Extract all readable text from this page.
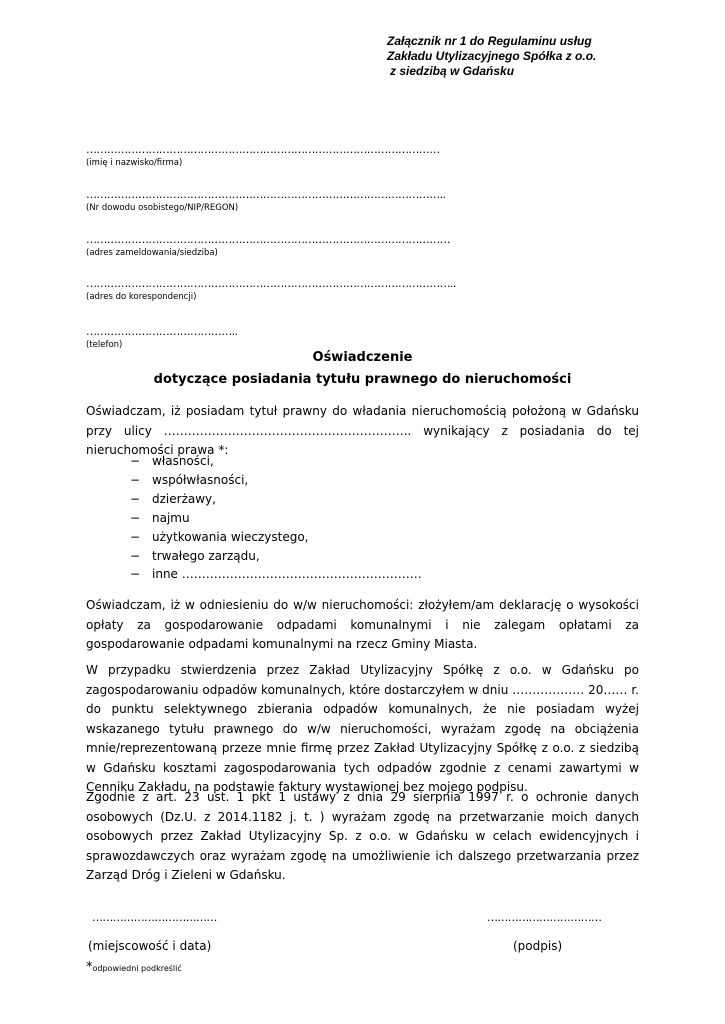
Załącznik nr 1 do Regulaminu usług
Zakładu Utylizacyjnego Spółka z o.o.
z siedzibą w Gdańsku
…………………………………………………………………………………………
(imię i nazwisko/firma)
…………………………………………………………………………………………..
(Nr dowodu osobistego/NIP/REGON)
……………………………………………………………………………………………
(adres zameldowania/siedziba)
……………………………………………………………………………………………..
(adres do korespondencji)
……………………………………..
(telefon)
Oświadczenie
dotyczące posiadania tytułu prawnego do nieruchomości
Oświadczam, iż posiadam tytuł prawny do władania nieruchomością położoną w Gdańsku przy ulicy …………………………………………………….. wynikający z posiadania do tej nieruchomości prawa *:
− własności,
− współwłasności,
− dzierżawy,
− najmu
− użytkowania wieczystego,
− trwałego zarządu,
− inne ……………………………………………………
Oświadczam, iż w odniesieniu do w/w nieruchomości: złożyłem/am deklarację o wysokości opłaty za gospodarowanie odpadami komunalnymi i nie zalegam opłatami za gospodarowanie odpadami komunalnymi na rzecz Gminy Miasta.
W przypadku stwierdzenia przez Zakład Utylizacyjny Spółkę z o.o. w Gdańsku po zagospodarowaniu odpadów komunalnych, które dostarczyłem w dniu ……………… 20…… r. do punktu selektywnego zbierania odpadów komunalnych, że nie posiadam wyżej wskazanego tytułu prawnego do w/w nieruchomości, wyrażam zgodę na obciążenia mnie/reprezentowaną przeze mnie firmę przez Zakład Utylizacyjny Spółkę z o.o. z siedzibą w Gdańsku kosztami zagospodarowania tych odpadów zgodnie z cenami zawartymi w Cenniku Zakładu, na podstawie faktury wystawionej bez mojego podpisu.
Zgodnie z art. 23 ust. 1 pkt 1 ustawy z dnia 29 sierpnia 1997 r. o ochronie danych osobowych (Dz.U. z 2014.1182 j. t. ) wyrażam zgodę na przetwarzanie moich danych osobowych przez Zakład Utylizacyjny Sp. z o.o. w Gdańsku w celach ewidencyjnych i sprawozdawczych oraz wyrażam zgodę na umożliwienie ich dalszego przetwarzania przez Zarząd Dróg i Zieleni w Gdańsku.
………………………………	……………………………
(miejscowość i data)	(podpis)
*odpowiedni podkreślić
